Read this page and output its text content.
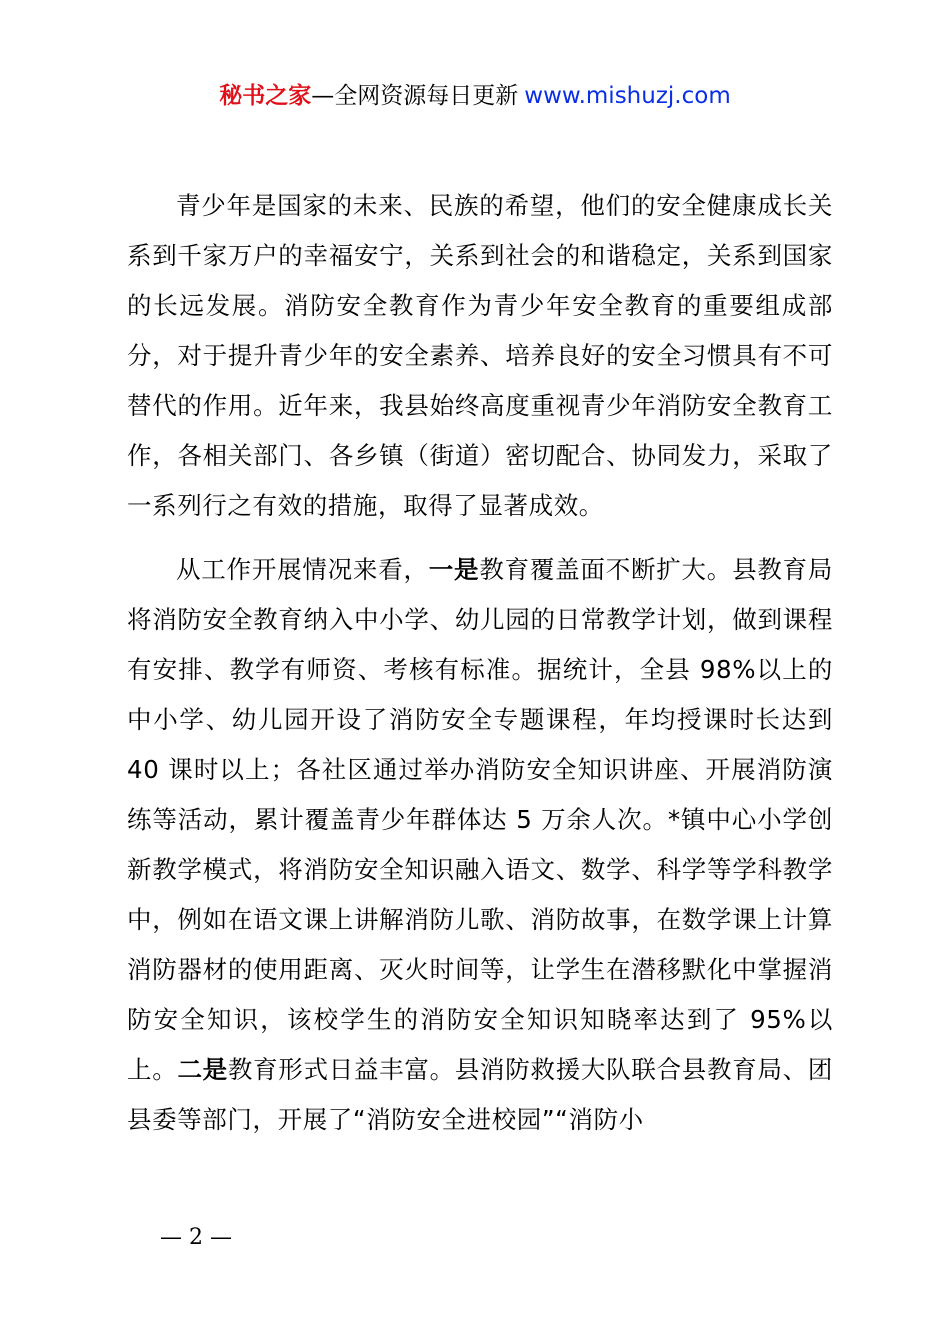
秘书之家—全网资源每日更新 www.mishuzj.com

青少年是国家的未来、民族的希望，他们的安全健康成长关系到千家万户的幸福安宁，关系到社会的和谐稳定，关系到国家的长远发展。消防安全教育作为青少年安全教育的重要组成部分，对于提升青少年的安全素养、培养良好的安全习惯具有不可替代的作用。近年来，我县始终高度重视青少年消防安全教育工作，各相关部门、各乡镇（街道）密切配合、协同发力，采取了一系列行之有效的措施，取得了显著成效。

从工作开展情况来看，一是教育覆盖面不断扩大。县教育局将消防安全教育纳入中小学、幼儿园的日常教学计划，做到课程有安排、教学有师资、考核有标准。据统计，全县 98%以上的中小学、幼儿园开设了消防安全专题课程，年均授课时长达到 40 课时以上；各社区通过举办消防安全知识讲座、开展消防演练等活动，累计覆盖青少年群体达 5 万余人次。*镇中心小学创新教学模式，将消防安全知识融入语文、数学、科学等学科教学中，例如在语文课上讲解消防儿歌、消防故事，在数学课上计算消防器材的使用距离、灭火时间等，让学生在潜移默化中掌握消防安全知识，该校学生的消防安全知识知晓率达到了 95%以上。二是教育形式日益丰富。县消防救援大队联合县教育局、团县委等部门，开展了“消防安全进校园”“消防小

— 2 —
